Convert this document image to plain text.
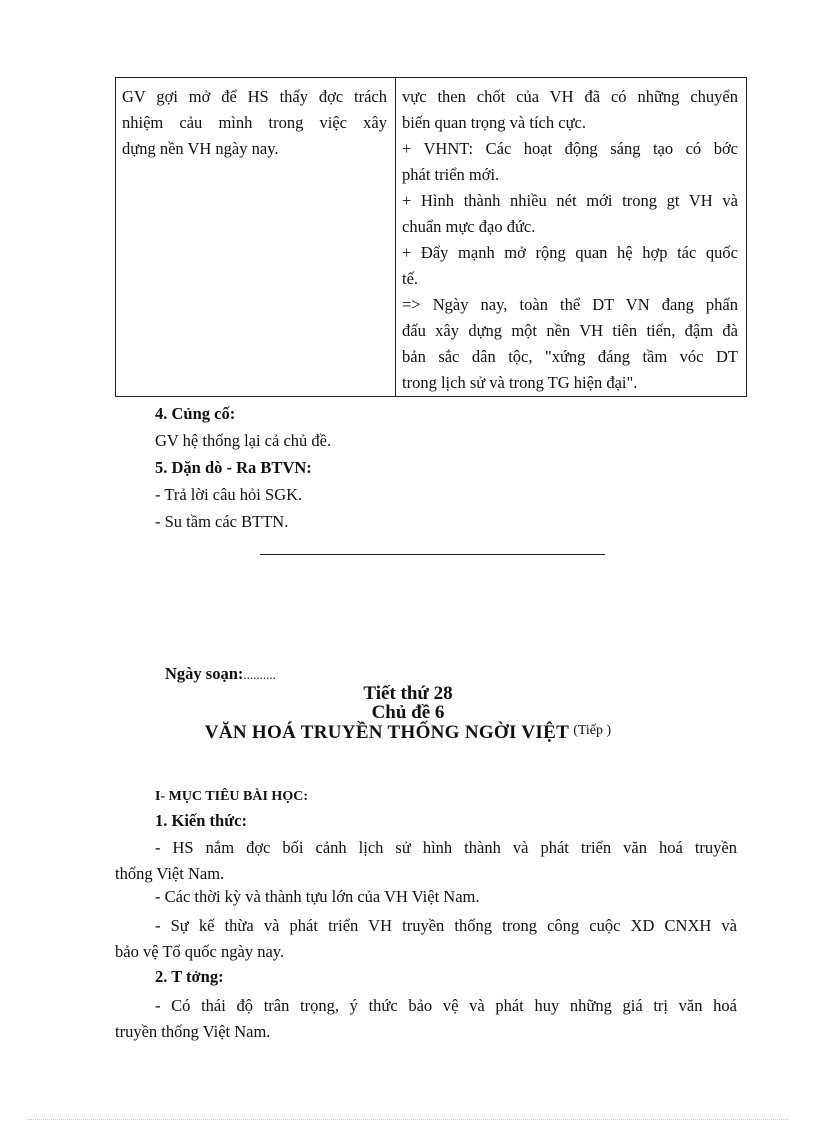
GV gợi mở để HS thấy đợc trách
nhiệm cảu mình trong việc xây
dựng nền VH ngày nay.

vực then chốt của VH đã có những chuyển
biến quan trọng và tích cực.
+ VHNT: Các hoạt động sáng tạo có bớc
phát triển mới.
+ Hình thành nhiều nét mới trong gt VH và
chuẩn mực đạo đức.
+ Đẩy mạnh mở rộng quan hệ hợp tác quốc
tế.
=> Ngày nay, toàn thể DT VN đang phấn
đấu xây dựng một nền VH tiên tiến, đậm đà
bản sắc dân tộc, "xứng đáng tầm vóc DT
trong lịch sử và trong TG hiện đại".
4. Củng cố:
GV hệ thống lại cả chủ đề.
5. Dặn dò - Ra BTVN:
- Trả lời câu hỏi SGK.
- Su tầm các BTTN.
Ngày soạn:..........
Tiết thứ 28
Chủ đề 6
VĂN HOÁ TRUYỀN THỐNG NGỜI VIỆT $^{(Tiếp )}$
I- MỤC TIÊU BÀI HỌC:
1. Kiến thức:
- HS nắm đợc bối cảnh lịch sử hình thành và phát triển văn hoá truyền
thống Việt Nam.
- Các thời kỳ và thành tựu lớn của VH Việt Nam.
- Sự kế thừa và phát triển VH truyền thống trong công cuộc XD CNXH và
bảo vệ Tổ quốc ngày nay.
2. T tởng:
- Có thái độ trân trọng, ý thức bảo vệ và phát huy những giá trị văn hoá
truyền thống Việt Nam.
